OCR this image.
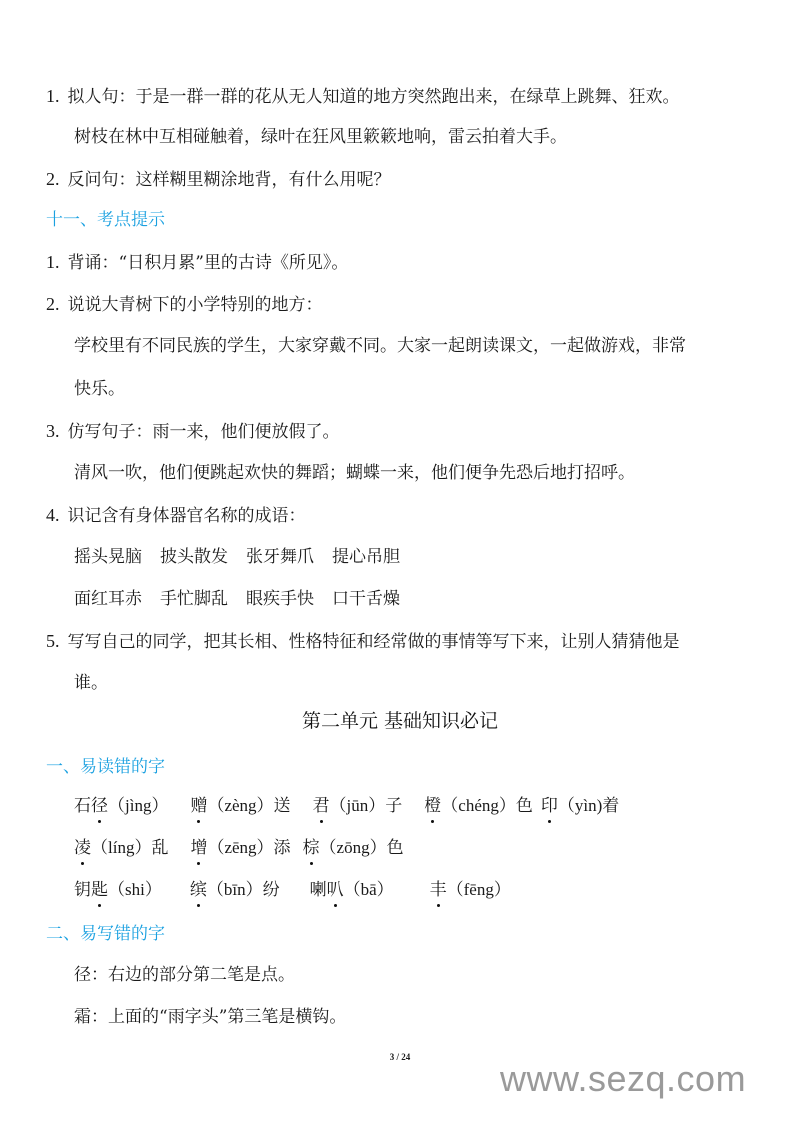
1. 拟人句：于是一群一群的花从无人知道的地方突然跑出来，在绿草上跳舞、狂欢。
树枝在林中互相碰触着，绿叶在狂风里簌簌地响，雷云拍着大手。
2. 反问句：这样糊里糊涂地背，有什么用呢？
十一、考点提示
1. 背诵：“日积月累”里的古诗《所见》。
2. 说说大青树下的小学特别的地方：
学校里有不同民族的学生，大家穿戴不同。大家一起朗读课文，一起做游戏，非常
快乐。
3. 仿写句子：雨一来，他们便放假了。
清风一吹，他们便跳起欢快的舞蹈；蝴蝶一来，他们便争先恐后地打招呼。
4. 识记含有身体器官名称的成语：
摇头晃脑 披头散发 张牙舞爪 提心吊胆
面红耳赤 手忙脚乱 眼疾手快 口干舌燥
5. 写写自己的同学，把其长相、性格特征和经常做的事情等写下来，让别人猜猜他是
谁。
第二单元 基础知识必记
一、易读错的字
石径（jìng） 赠（zèng）送 君（jūn）子 橙（chéng）色 印（yìn)着
凌（líng）乱 增（zēng）添 棕（zōng）色
钥匙（shi） 缤（bīn）纷 喇叭（bā） 丰（fēng）
二、易写错的字
径：右边的部分第二笔是点。
霜：上面的“雨字头”第三笔是横钩。
3 / 24
www.sezq.com
